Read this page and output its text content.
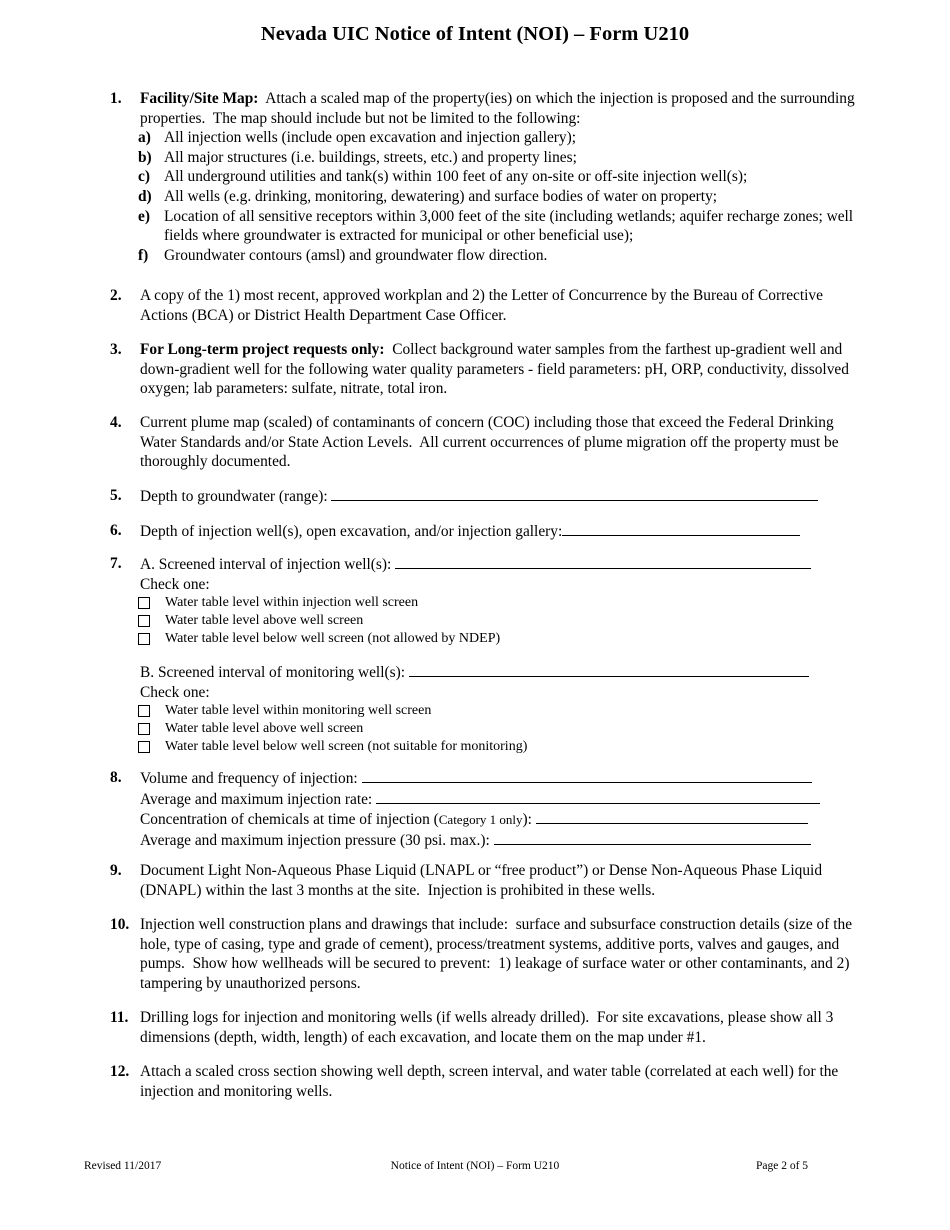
Nevada UIC Notice of Intent (NOI) – Form U210
1. Facility/Site Map:  Attach a scaled map of the property(ies) on which the injection is proposed and the surrounding properties.  The map should include but not be limited to the following:
a) All injection wells (include open excavation and injection gallery);
b) All major structures (i.e. buildings, streets, etc.) and property lines;
c) All underground utilities and tank(s) within 100 feet of any on-site or off-site injection well(s);
d) All wells (e.g. drinking, monitoring, dewatering) and surface bodies of water on property;
e) Location of all sensitive receptors within 3,000 feet of the site (including wetlands; aquifer recharge zones; well fields where groundwater is extracted for municipal or other beneficial use);
f) Groundwater contours (amsl) and groundwater flow direction.
2. A copy of the 1) most recent, approved workplan and 2) the Letter of Concurrence by the Bureau of Corrective Actions (BCA) or District Health Department Case Officer.
3. For Long-term project requests only:  Collect background water samples from the farthest up-gradient well and down-gradient well for the following water quality parameters - field parameters: pH, ORP, conductivity, dissolved oxygen; lab parameters: sulfate, nitrate, total iron.
4. Current plume map (scaled) of contaminants of concern (COC) including those that exceed the Federal Drinking Water Standards and/or State Action Levels.  All current occurrences of plume migration off the property must be thoroughly documented.
5. Depth to groundwater (range):
6. Depth of injection well(s), open excavation, and/or injection gallery:
7. A. Screened interval of injection well(s):
Check one:
Water table level within injection well screen
Water table level above well screen
Water table level below well screen (not allowed by NDEP)
B. Screened interval of monitoring well(s):
Check one:
Water table level within monitoring well screen
Water table level above well screen
Water table level below well screen (not suitable for monitoring)
8. Volume and frequency of injection:
Average and maximum injection rate:
Concentration of chemicals at time of injection (Category 1 only):
Average and maximum injection pressure (30 psi. max.):
9. Document Light Non-Aqueous Phase Liquid (LNAPL or “free product”) or Dense Non-Aqueous Phase Liquid (DNAPL) within the last 3 months at the site.  Injection is prohibited in these wells.
10. Injection well construction plans and drawings that include:  surface and subsurface construction details (size of the hole, type of casing, type and grade of cement), process/treatment systems, additive ports, valves and gauges, and pumps.  Show how wellheads will be secured to prevent:  1) leakage of surface water or other contaminants, and 2) tampering by unauthorized persons.
11. Drilling logs for injection and monitoring wells (if wells already drilled).  For site excavations, please show all 3 dimensions (depth, width, length) of each excavation, and locate them on the map under #1.
12. Attach a scaled cross section showing well depth, screen interval, and water table (correlated at each well) for the injection and monitoring wells.
Revised 11/2017	Notice of Intent (NOI) – Form U210	Page 2 of 5
